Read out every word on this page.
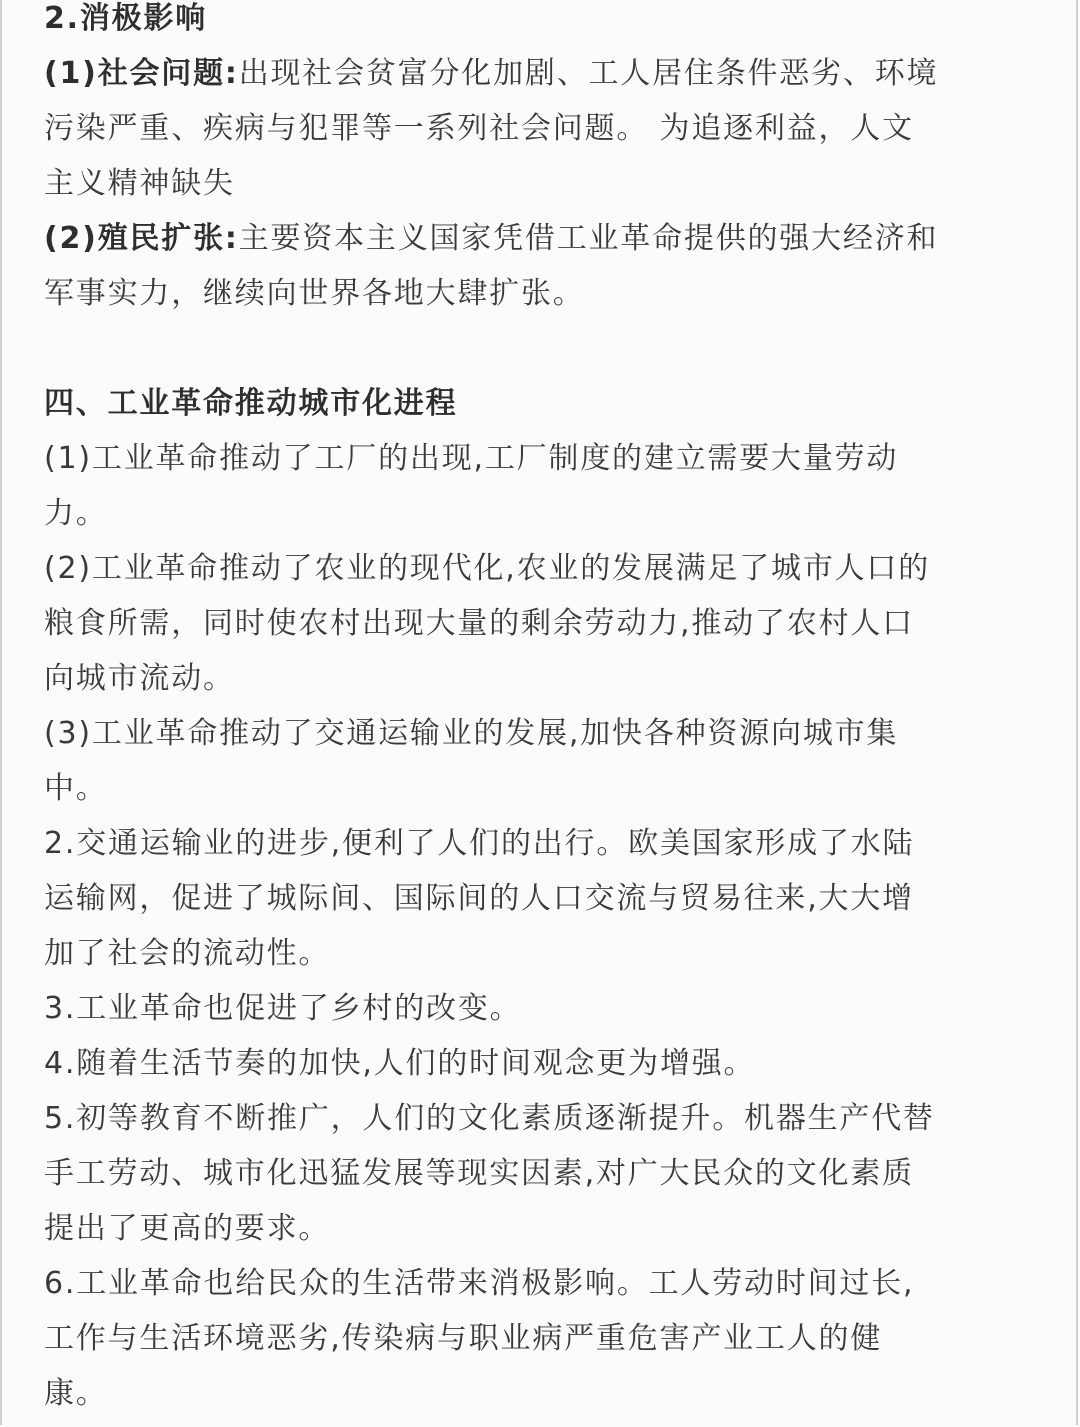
2.消极影响
(1)社会问题:出现社会贫富分化加剧、工人居住条件恶劣、环境
污染严重、疾病与犯罪等一系列社会问题。 为追逐利益，人文
主义精神缺失
(2)殖民扩张:主要资本主义国家凭借工业革命提供的强大经济和
军事实力，继续向世界各地大肆扩张。
四、工业革命推动城市化进程
(1)工业革命推动了工厂的出现,工厂制度的建立需要大量劳动
力。
(2)工业革命推动了农业的现代化,农业的发展满足了城市人口的
粮食所需，同时使农村出现大量的剩余劳动力,推动了农村人口
向城市流动。
(3)工业革命推动了交通运输业的发展,加快各种资源向城市集
中。
2.交通运输业的进步,便利了人们的出行。欧美国家形成了水陆
运输网，促进了城际间、国际间的人口交流与贸易往来,大大增
加了社会的流动性。
3.工业革命也促进了乡村的改变。
4.随着生活节奏的加快,人们的时间观念更为增强。
5.初等教育不断推广，人们的文化素质逐渐提升。机器生产代替
手工劳动、城市化迅猛发展等现实因素,对广大民众的文化素质
提出了更高的要求。
6.工业革命也给民众的生活带来消极影响。工人劳动时间过长,
工作与生活环境恶劣,传染病与职业病严重危害产业工人的健
康。
